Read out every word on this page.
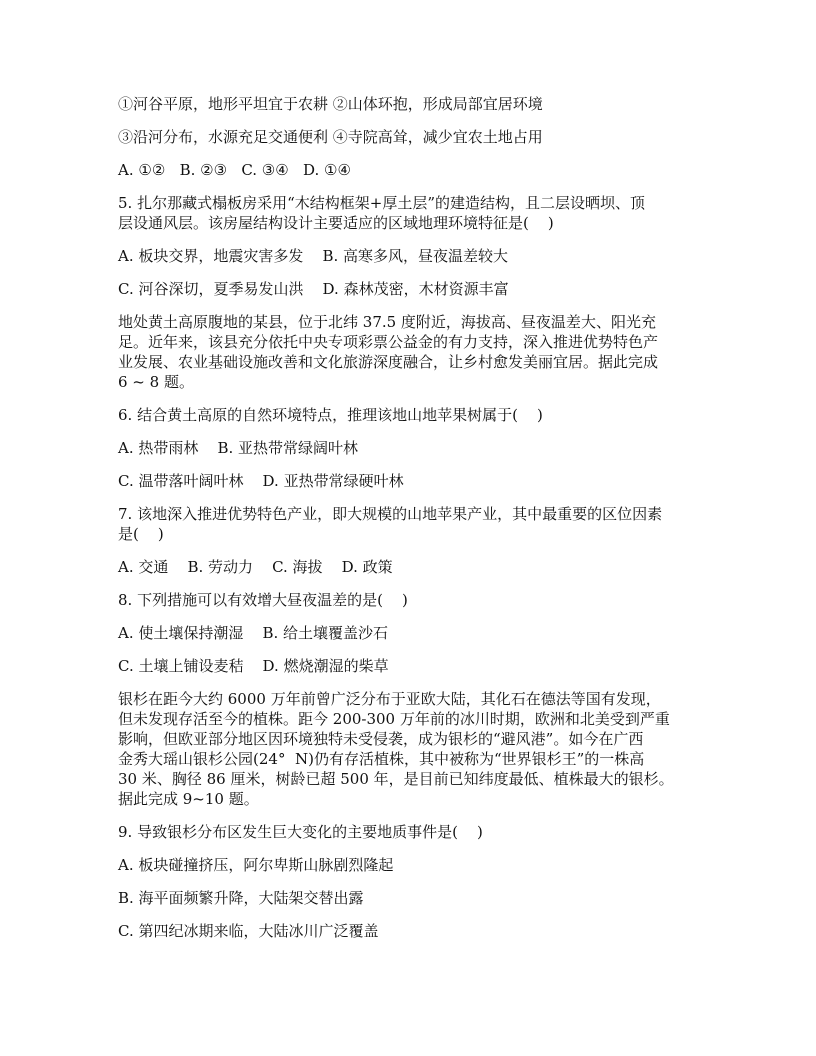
①河谷平原，地形平坦宜于农耕 ②山体环抱，形成局部宜居环境
③沿河分布，水源充足交通便利 ④寺院高耸，减少宜农土地占用
A. ①②   B. ②③   C. ③④   D. ①④
5. 扎尔那藏式榻板房采用“木结构框架+厚土层”的建造结构，且二层设晒坝、顶
层设通风层。该房屋结构设计主要适应的区域地理环境特征是(    )
A. 板块交界，地震灾害多发    B. 高寒多风，昼夜温差较大
C. 河谷深切，夏季易发山洪    D. 森林茂密，木材资源丰富
地处黄土高原腹地的某县，位于北纬 37.5 度附近，海拔高、昼夜温差大、阳光充
足。近年来，该县充分依托中央专项彩票公益金的有力支持，深入推进优势特色产
业发展、农业基础设施改善和文化旅游深度融合，让乡村愈发美丽宜居。据此完成
6 ~ 8 题。
6. 结合黄土高原的自然环境特点，推理该地山地苹果树属于(    )
A. 热带雨林    B. 亚热带常绿阔叶林
C. 温带落叶阔叶林    D. 亚热带常绿硬叶林
7. 该地深入推进优势特色产业，即大规模的山地苹果产业，其中最重要的区位因素
是(    )
A. 交通    B. 劳动力    C. 海拔    D. 政策
8. 下列措施可以有效增大昼夜温差的是(    )
A. 使土壤保持潮湿    B. 给土壤覆盖沙石
C. 土壤上铺设麦秸    D. 燃烧潮湿的柴草
银杉在距今大约 6000 万年前曾广泛分布于亚欧大陆，其化石在德法等国有发现，
但未发现存活至今的植株。距今 200-300 万年前的冰川时期，欧洲和北美受到严重
影响，但欧亚部分地区因环境独特未受侵袭，成为银杉的“避风港”。如今在广西
金秀大瑶山银杉公园(24°  N)仍有存活植株，其中被称为“世界银杉王”的一株高
30 米、胸径 86 厘米，树龄已超 500 年，是目前已知纬度最低、植株最大的银杉。
据此完成 9~10 题。
9. 导致银杉分布区发生巨大变化的主要地质事件是(    )
A. 板块碰撞挤压，阿尔卑斯山脉剧烈隆起
B. 海平面频繁升降，大陆架交替出露
C. 第四纪冰期来临，大陆冰川广泛覆盖
